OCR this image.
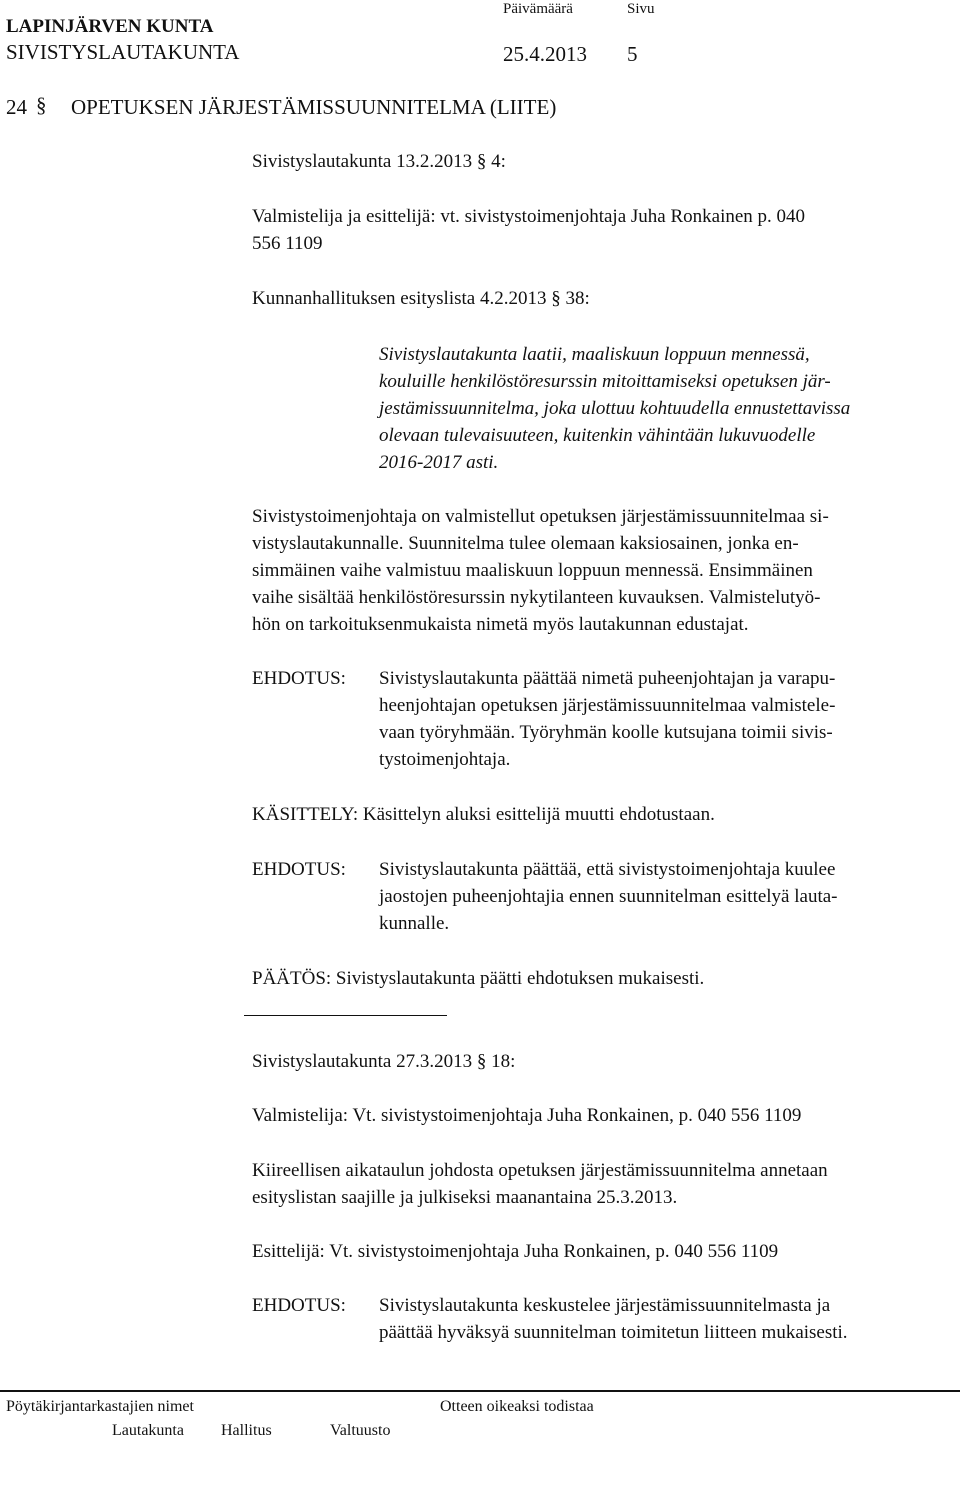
LAPINJÄRVEN KUNTA
SIVISTYSLAUTAKUNTA
Päivämäärä	Sivu
25.4.2013 5
24 § OPETUKSEN JÄRJESTÄMISSUUNNITELMA (LIITE)
Sivistyslautakunta 13.2.2013 § 4:
Valmistelija ja esittelijä: vt. sivistystoimenjohtaja Juha Ronkainen p. 040
556 1109
Kunnanhallituksen esityslista 4.2.2013 § 38:
Sivistyslautakunta laatii, maaliskuun loppuun mennessä,
kouluille henkilöstöresurssin mitoittamiseksi opetuksen jär-
jestämissuunnitelma, joka ulottuu kohtuudella ennustettavissa
olevaan tulevaisuuteen, kuitenkin vähintään lukuvuodelle
2016-2017 asti.
Sivistystoimenjohtaja on valmistellut opetuksen järjestämissuunnitelmaa si-
vistyslautakunnalle. Suunnitelma tulee olemaan kaksiosainen, jonka en-
simmäinen vaihe valmistuu maaliskuun loppuun mennessä. Ensimmäinen
vaihe sisältää henkilöstöresurssin nykytilanteen kuvauksen. Valmistelutyö-
hön on tarkoituksenmukaista nimetä myös lautakunnan edustajat.
EHDOTUS: Sivistyslautakunta päättää nimetä puheenjohtajan ja varapu-
heenjohtajan opetuksen järjestämissuunnitelmaa valmistele-
vaan työryhmään. Työryhmän koolle kutsujana toimii sivis-
tystoimenjohtaja.
KÄSITTELY: Käsittelyn aluksi esittelijä muutti ehdotustaan.
EHDOTUS: Sivistyslautakunta päättää, että sivistystoimenjohtaja kuulee
jaostojen puheenjohtajia ennen suunnitelman esittelyä lauta-
kunnalle.
PÄÄTÖS: Sivistyslautakunta päätti ehdotuksen mukaisesti.
Sivistyslautakunta 27.3.2013 § 18:
Valmistelija: Vt. sivistystoimenjohtaja Juha Ronkainen, p. 040 556 1109
Kiireellisen aikataulun johdosta opetuksen järjestämissuunnitelma annetaan
esityslistan saajille ja julkiseksi maanantaina 25.3.2013.
Esittelijä: Vt. sivistystoimenjohtaja Juha Ronkainen, p. 040 556 1109
EHDOTUS: Sivistyslautakunta keskustelee järjestämissuunnitelmasta ja
päättää hyväksyä suunnitelman toimitetun liitteen mukaisesti.
Pöytäkirjantarkastajien nimet	Otteen oikeaksi todistaa
Lautakunta Hallitus	Valtuusto
